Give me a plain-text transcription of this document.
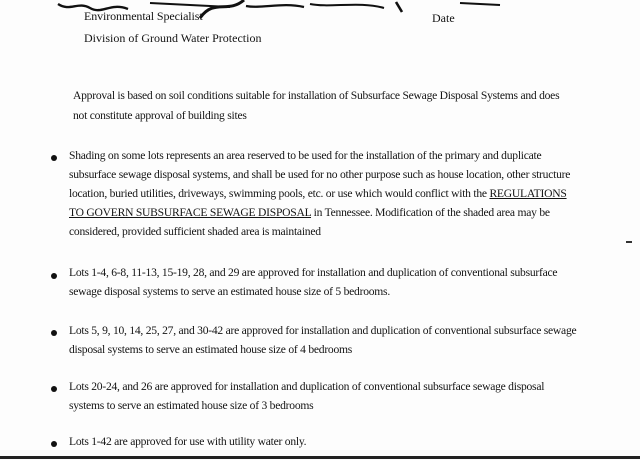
Environmental Specialist
Division of Ground Water Protection
Date
Approval is based on soil conditions suitable for installation of Subsurface Sewage Disposal Systems and does not constitute approval of building sites
Shading on some lots represents an area reserved to be used for the installation of the primary and duplicate subsurface sewage disposal systems, and shall be used for no other purpose such as house location, other structure location, buried utilities, driveways, swimming pools, etc. or use which would conflict with the REGULATIONS TO GOVERN SUBSURFACE SEWAGE DISPOSAL in Tennessee. Modification of the shaded area may be considered, provided sufficient shaded area is maintained
Lots 1-4, 6-8, 11-13, 15-19, 28, and 29 are approved for installation and duplication of conventional subsurface sewage disposal systems to serve an estimated house size of 5 bedrooms.
Lots 5, 9, 10, 14, 25, 27, and 30-42 are approved for installation and duplication of conventional subsurface sewage disposal systems to serve an estimated house size of 4 bedrooms
Lots 20-24, and 26 are approved for installation and duplication of conventional subsurface sewage disposal systems to serve an estimated house size of 3 bedrooms
Lots 1-42 are approved for use with utility water only.
